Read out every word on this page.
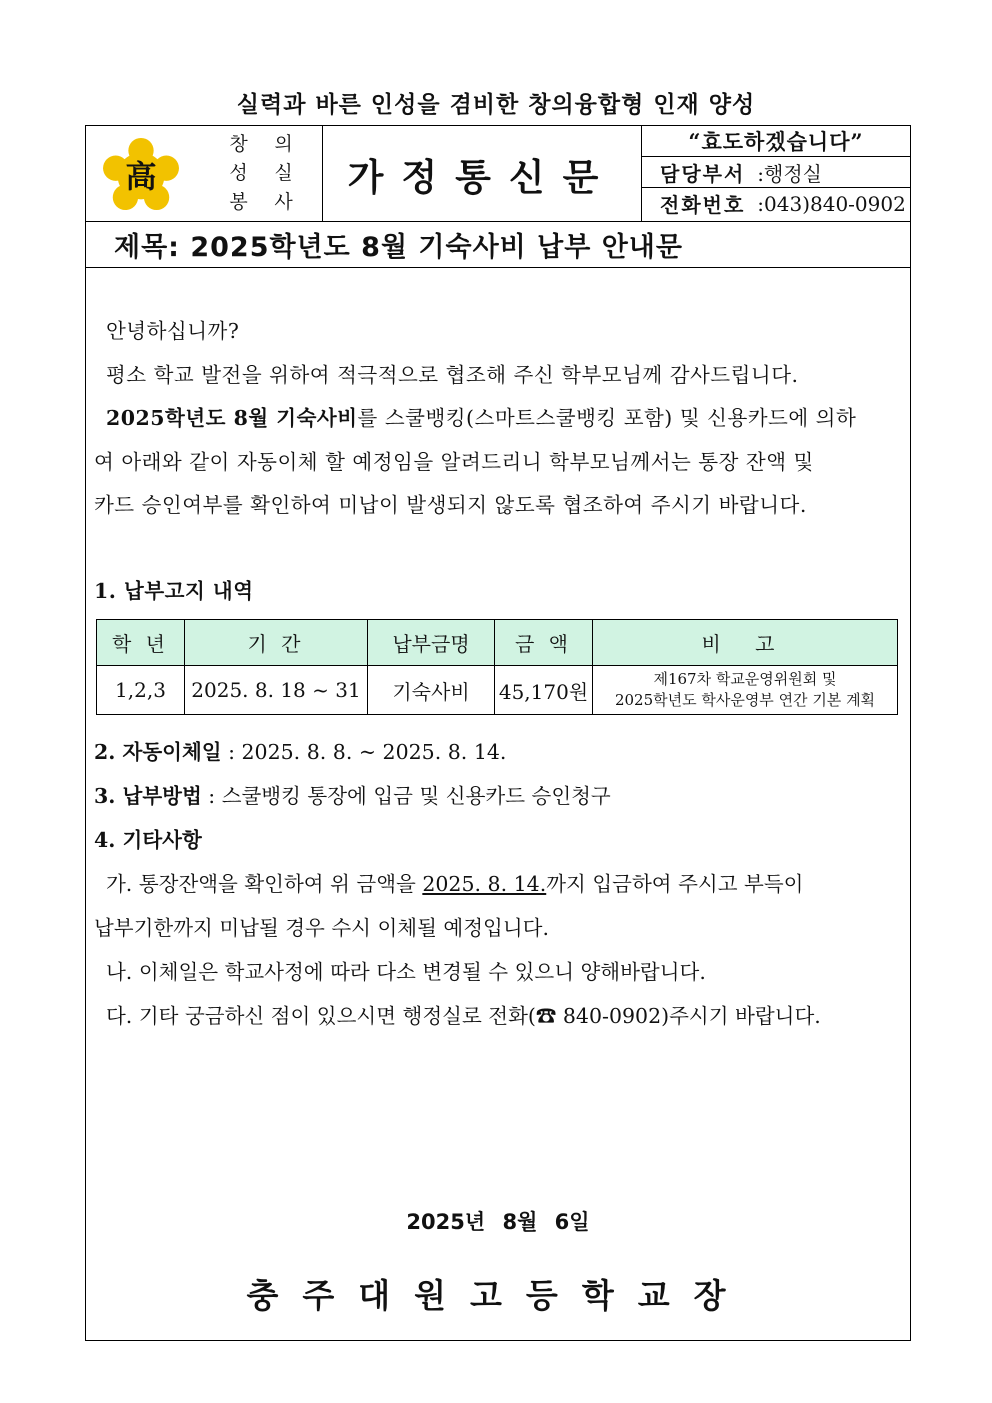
실력과 바른 인성을 겸비한 창의융합형 인재 양성
高
창 의
성 실
봉 사
가정통신문
“효도하겠습니다”
담당부서 :행정실
전화번호 :043)840-0902
제목: 2025학년도 8월 기숙사비 납부 안내문
안녕하십니까?
평소 학교 발전을 위하여 적극적으로 협조해 주신 학부모님께 감사드립니다.
2025학년도 8월 기숙사비를 스쿨뱅킹(스마트스쿨뱅킹 포함) 및 신용카드에 의하
여 아래와 같이 자동이체 할 예정임을 알려드리니 학부모님께서는 통장 잔액 및
카드 승인여부를 확인하여 미납이 발생되지 않도록 협조하여 주시기 바랍니다.
1. 납부고지 내역
학 년	기 간	납부금명	금 액	비 고
1,2,3	2025. 8. 18 ~ 31	기숙사비	45,170원	제167차 학교운영위원회 및
2025학년도 학사운영부 연간 기본 계획
2. 자동이체일 : 2025. 8. 8. ~ 2025. 8. 14.
3. 납부방법 : 스쿨뱅킹 통장에 입금 및 신용카드 승인청구
4. 기타사항
가. 통장잔액을 확인하여 위 금액을 2025. 8. 14.까지 입금하여 주시고 부득이
납부기한까지 미납될 경우 수시 이체될 예정입니다.
나. 이체일은 학교사정에 따라 다소 변경될 수 있으니 양해바랍니다.
다. 기타 궁금하신 점이 있으시면 행정실로 전화(☎ 840-0902)주시기 바랍니다.
2025년 8월 6일
충주대원고등학교장
